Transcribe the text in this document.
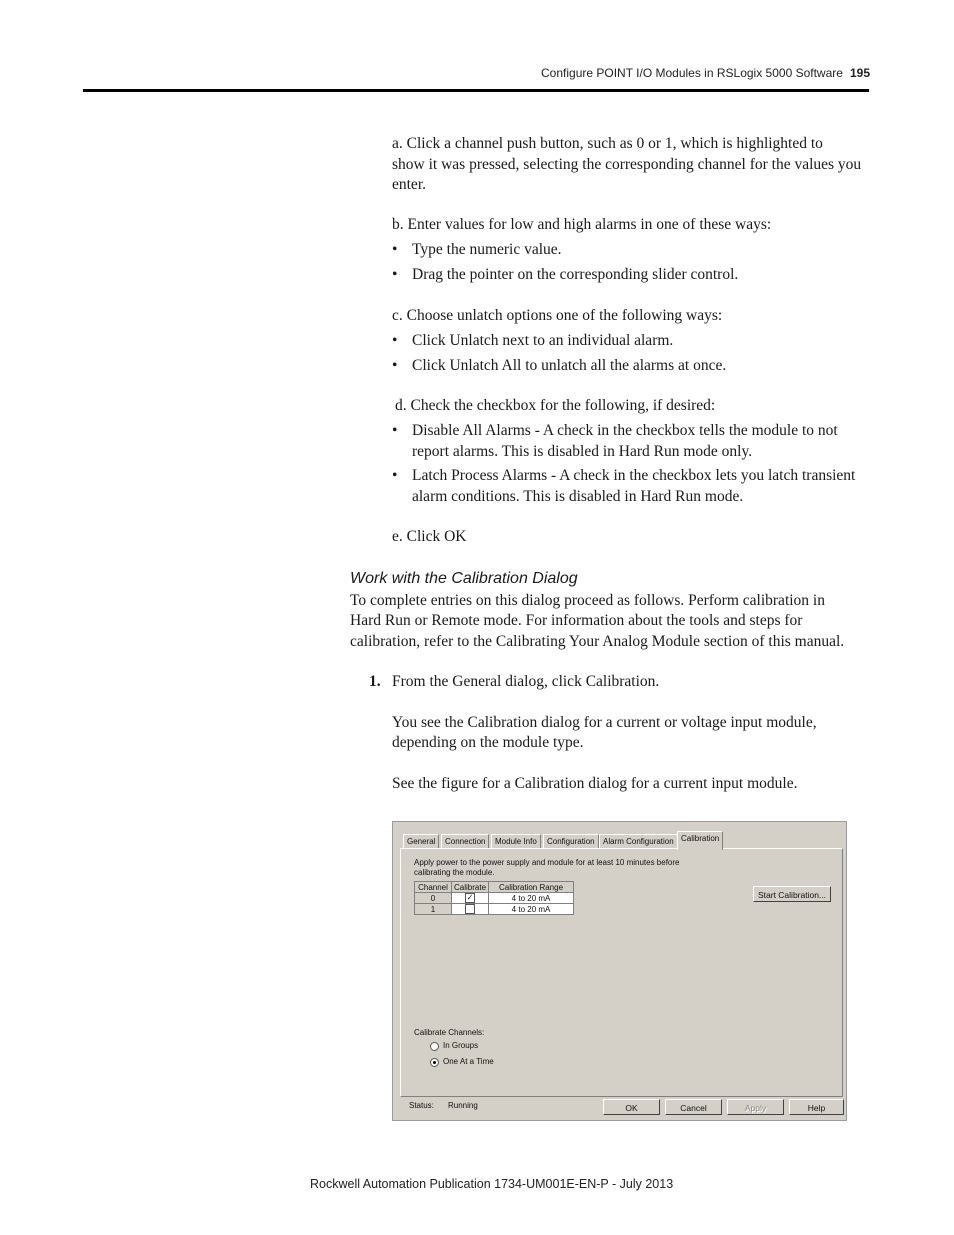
Configure POINT I/O Modules in RSLogix 5000 Software 195
a. Click a channel push button, such as 0 or 1, which is highlighted to
show it was pressed, selecting the corresponding channel for the values you
enter.
b. Enter values for low and high alarms in one of these ways:
• Type the numeric value.
• Drag the pointer on the corresponding slider control.
c. Choose unlatch options one of the following ways:
• Click Unlatch next to an individual alarm.
• Click Unlatch All to unlatch all the alarms at once.
d. Check the checkbox for the following, if desired:
• Disable All Alarms - A check in the checkbox tells the module to not
report alarms. This is disabled in Hard Run mode only.
• Latch Process Alarms - A check in the checkbox lets you latch transient
alarm conditions. This is disabled in Hard Run mode.
e. Click OK
Work with the Calibration Dialog
To complete entries on this dialog proceed as follows. Perform calibration in
Hard Run or Remote mode. For information about the tools and steps for
calibration, refer to the Calibrating Your Analog Module section of this manual.
1. From the General dialog, click Calibration.
You see the Calibration dialog for a current or voltage input module,
depending on the module type.
See the figure for a Calibration dialog for a current input module.
General	Connection	Module Info	Configuration	Alarm Configuration Calibration
Apply power to the power supply and module for at least 10 minutes before
calibrating the module.
Channel	Calibrate	Calibration Range
0	✓	4 to 20 mA
1		4 to 20 mA
Start Calibration...
Calibrate Channels:
In Groups
One At a Time
Status: Running	OK	Cancel	Apply	Help
Rockwell Automation Publication 1734-UM001E-EN-P - July 2013
